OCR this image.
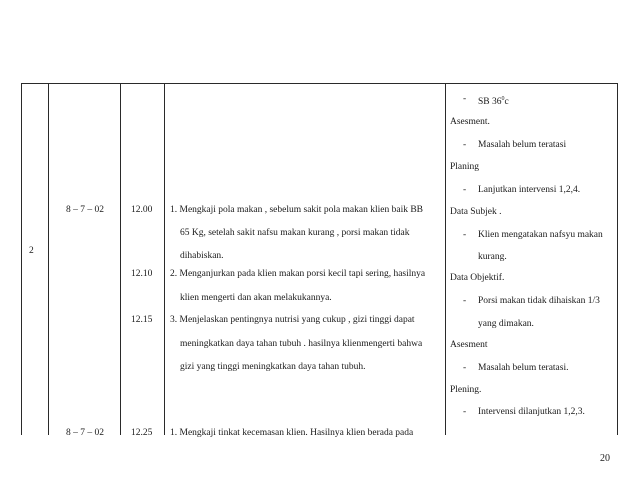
2
8 – 7 – 02
8 – 7 – 02
12.00
12.10
12.15
12.25
1. Mengkaji pola makan , sebelum sakit pola makan klien baik BB
65 Kg, setelah sakit nafsu makan kurang , porsi makan tidak
dihabiskan.
2. Menganjurkan pada klien makan porsi kecil tapi sering, hasilnya
klien mengerti dan akan melakukannya.
3. Menjelaskan pentingnya nutrisi yang cukup , gizi tinggi dapat
meningkatkan daya tahan tubuh . hasilnya klienmengerti bahwa
gizi yang tinggi meningkatkan daya tahan tubuh.
1. Mengkaji tinkat kecemasan klien. Hasilnya klien berada pada
- SB $36^0c$
Asesment.
- Masalah belum teratasi
Planing
- Lanjutkan intervensi 1,2,4.
Data Subjek .
- Klien mengatakan nafsyu makan
kurang.
Data Objektif.
- Porsi makan tidak dihaiskan 1/3
yang dimakan.
Asesment
- Masalah belum teratasi.
Plening.
- Intervensi dilanjutkan 1,2,3.
20
